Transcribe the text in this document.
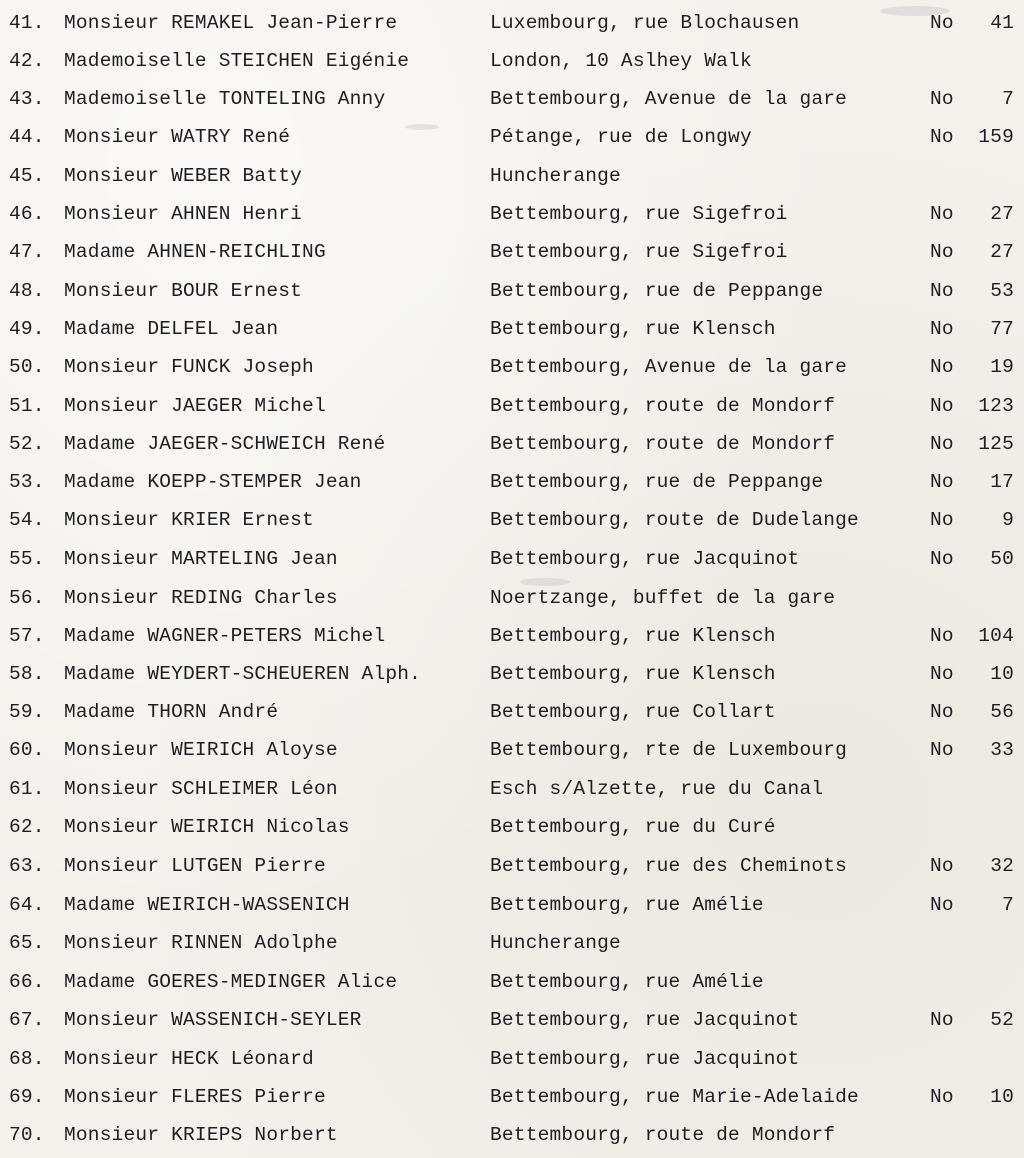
41. Monsieur REMAKEL Jean-Pierre	Luxembourg, rue Blochausen	No 41
42. Mademoiselle STEICHEN Eigénie	London, 10 Aslhey Walk
43. Mademoiselle TONTELING Anny	Bettembourg, Avenue de la gare	No 7
44. Monsieur WATRY René	Pétange, rue de Longwy	No 159
45. Monsieur WEBER Batty	Huncherange
46. Monsieur AHNEN Henri	Bettembourg, rue Sigefroi	No 27
47. Madame AHNEN-REICHLING	Bettembourg, rue Sigefroi	No 27
48. Monsieur BOUR Ernest	Bettembourg, rue de Peppange	No 53
49. Madame DELFEL Jean	Bettembourg, rue Klensch	No 77
50. Monsieur FUNCK Joseph	Bettembourg, Avenue de la gare	No 19
51. Monsieur JAEGER Michel	Bettembourg, route de Mondorf	No 123
52. Madame JAEGER-SCHWEICH René	Bettembourg, route de Mondorf	No 125
53. Madame KOEPP-STEMPER Jean	Bettembourg, rue de Peppange	No 17
54. Monsieur KRIER Ernest	Bettembourg, route de Dudelange	No 9
55. Monsieur MARTELING Jean	Bettembourg, rue Jacquinot	No 50
56. Monsieur REDING Charles	Noertzange, buffet de la gare
57. Madame WAGNER-PETERS Michel	Bettembourg, rue Klensch	No 104
58. Madame WEYDERT-SCHEUEREN Alph.	Bettembourg, rue Klensch	No 10
59. Madame THORN André	Bettembourg, rue Collart	No 56
60. Monsieur WEIRICH Aloyse	Bettembourg, rte de Luxembourg	No 33
61. Monsieur SCHLEIMER Léon	Esch s/Alzette, rue du Canal
62. Monsieur WEIRICH Nicolas	Bettembourg, rue du Curé
63. Monsieur LUTGEN Pierre	Bettembourg, rue des Cheminots	No 32
64. Madame WEIRICH-WASSENICH	Bettembourg, rue Amélie	No 7
65. Monsieur RINNEN Adolphe	Huncherange
66. Madame GOERES-MEDINGER Alice	Bettembourg, rue Amélie
67. Monsieur WASSENICH-SEYLER	Bettembourg, rue Jacquinot	No 52
68. Monsieur HECK Léonard	Bettembourg, rue Jacquinot
69. Monsieur FLERES Pierre	Bettembourg, rue Marie-Adelaide	No 10
70. Monsieur KRIEPS Norbert	Bettembourg, route de Mondorf
